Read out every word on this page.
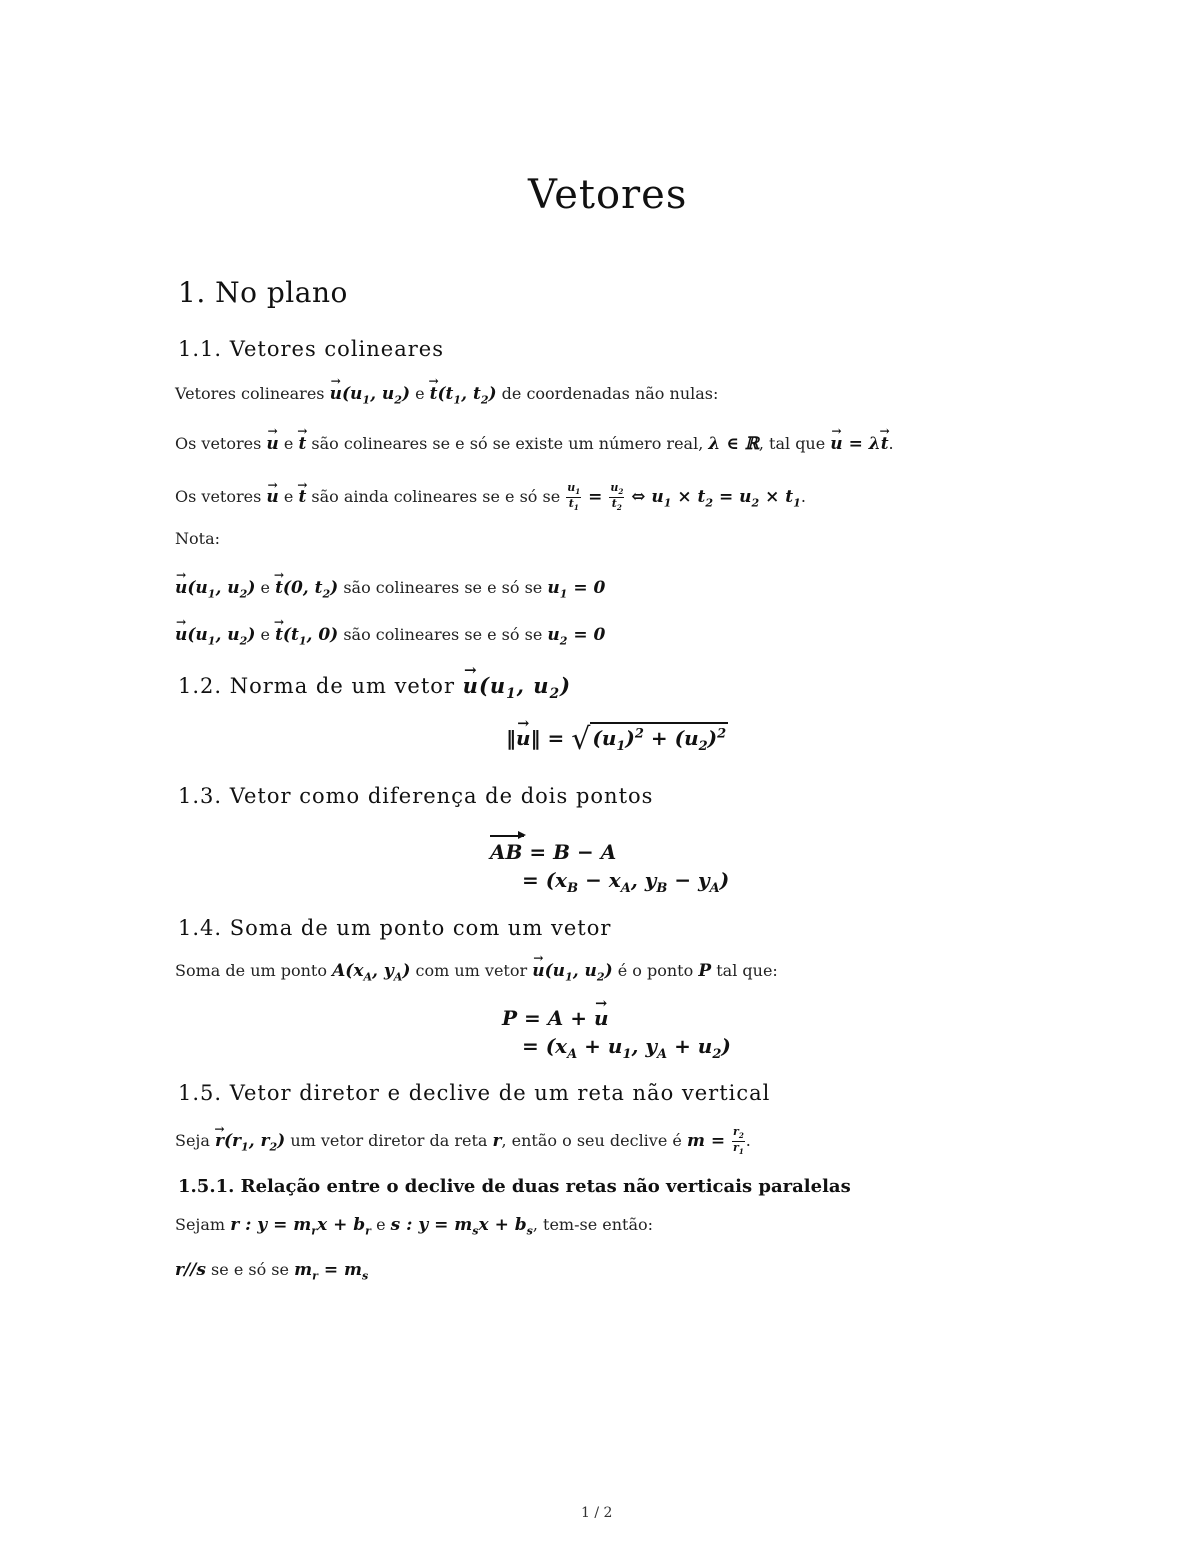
Vetores
1. No plano
1.1. Vetores colineares
Vetores colineares → $u(u_1$, $u_2$) $e \to t(t_1$, $t_2$) de coordenadas não nulas:
Os vetores → u e → t são colineares se e só se existe um número real, λ ∈ ℝ, tal que → u = λ→ t.
Os vetores → u e → t são ainda colineares se e só se $\frac{u_1}{t_1} = \frac{u_2}{t_2}$ ⇔ $u_1 \times t_2 = u_2 \times t_1$.
Nota:
→ $u(u_1$, $u_2$) e → t(0, $t_2$) são colineares se e só se $u_1 = 0$
→ $u(u_1$, $u_2$) $e \to t(t_1$, 0) são colineares se e só se $u_2 = 0$
1.2. Norma de um vetor → $u(u_1$, $u_2$)
‖→ u‖ = √ $(u_1)^2 + (u_2)^2$
1.3. Vetor como diferença de dois pontos
AB = B − A
= ($x_B - x_A$, $y_B - y_A$)
1.4. Soma de um ponto com um vetor
Soma de um ponto $A(x_A$, $y_A$) com um vetor → $u(u_1$, $u_2$) é o ponto P tal que:
P = A + → u
= ($x_A + u_1$, $y_A + u_2$)
1.5. Vetor diretor e declive de um reta não vertical
Seja → $r(r_1$, $r_2$) um vetor diretor da reta r, então o seu declive é $m = \frac{r_2}{r_1}$ .
1.5.1. Relação entre o declive de duas retas não verticais paralelas
Sejam r : $y = m_rx + b_r$ e s : $y = m_sx + b_s$, tem-se então:
r//s se e só se $m_r = m_s$
1 / 2
